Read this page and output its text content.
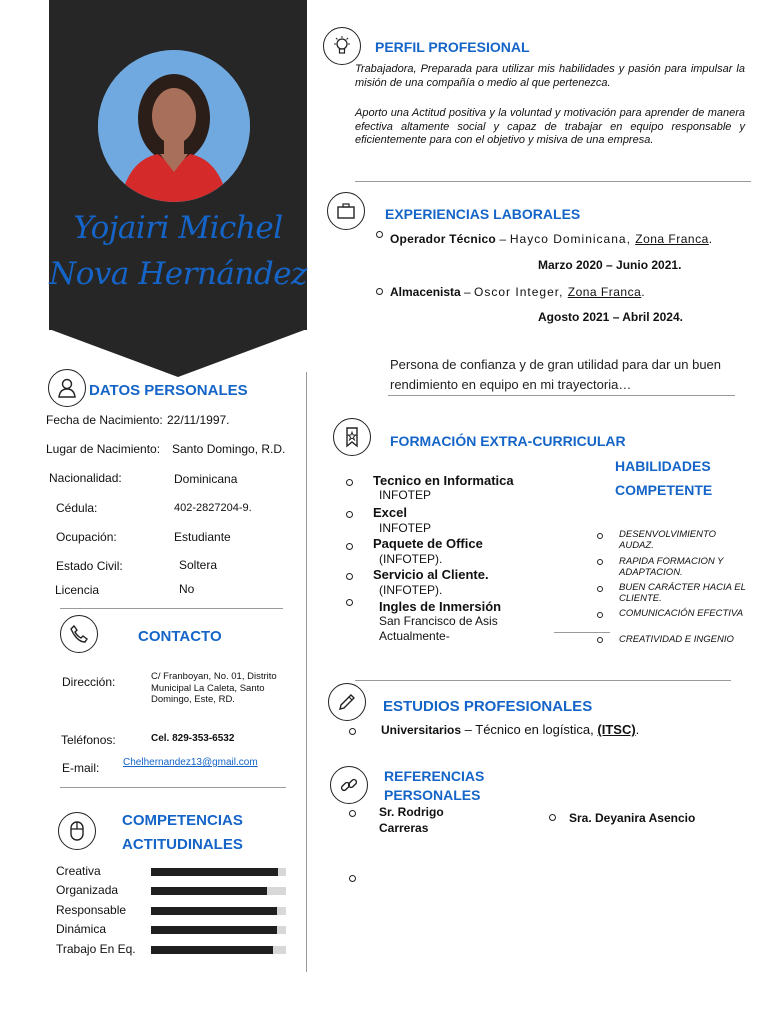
Yojairi Michel
Nova Hernández
DATOS PERSONALES
Fecha de Nacimiento: 22/11/1997.
Lugar de Nacimiento: Santo Domingo, R.D.
Nacionalidad:	Dominicana
Cédula:	402-2827204-9.
Ocupación:	Estudiante
Estado Civil:	Soltera
Licencia	No
CONTACTO
Dirección:	C/ Franboyan, No. 01, Distrito Municipal La Caleta, Santo Domingo, Este, RD.
Teléfonos:	Cel. 829-353-6532
E-mail: Chelhernandez13@gmail.com
COMPETENCIAS
ACTITUDINALES
Creativa
Organizada
Responsable
Dinámica
Trabajo En Eq.
PERFIL PROFESIONAL
Trabajadora, Preparada para utilizar mis habilidades y pasión para impulsar la misión de una compañía o medio al que pertenezca.
Aporto una Actitud positiva y la voluntad y motivación para aprender de manera efectiva altamente social y capaz de trabajar en equipo responsable y eficientemente para con el objetivo y misiva de una empresa.
EXPERIENCIAS LABORALES
Operador Técnico – Hayco Dominicana, Zona Franca.
Marzo 2020 – Junio 2021.
Almacenista – Oscor Integer, Zona Franca.
Agosto 2021 – Abril 2024.
Persona de confianza y de gran utilidad para dar un buen rendimiento en equipo en mi trayectoria…
FORMACIÓN EXTRA-CURRICULAR
Tecnico en Informatica
INFOTEP
Excel
INFOTEP
Paquete de Office
(INFOTEP).
Servicio al Cliente.
(INFOTEP).
Ingles de Inmersión
San Francisco de Asis
Actualmente-
HABILIDADES
COMPETENTE
DESENVOLVIMIENTO AUDAZ.
RAPIDA FORMACION Y ADAPTACION.
BUEN CARÁCTER HACIA EL CLIENTE.
COMUNICACIÓN EFECTIVA
CREATIVIDAD E INGENIO
ESTUDIOS PROFESIONALES
Universitarios – Técnico en logística, (ITSC).
REFERENCIAS
PERSONALES
Sr. Rodrigo
Carreras
Sra. Deyanira Asencio
